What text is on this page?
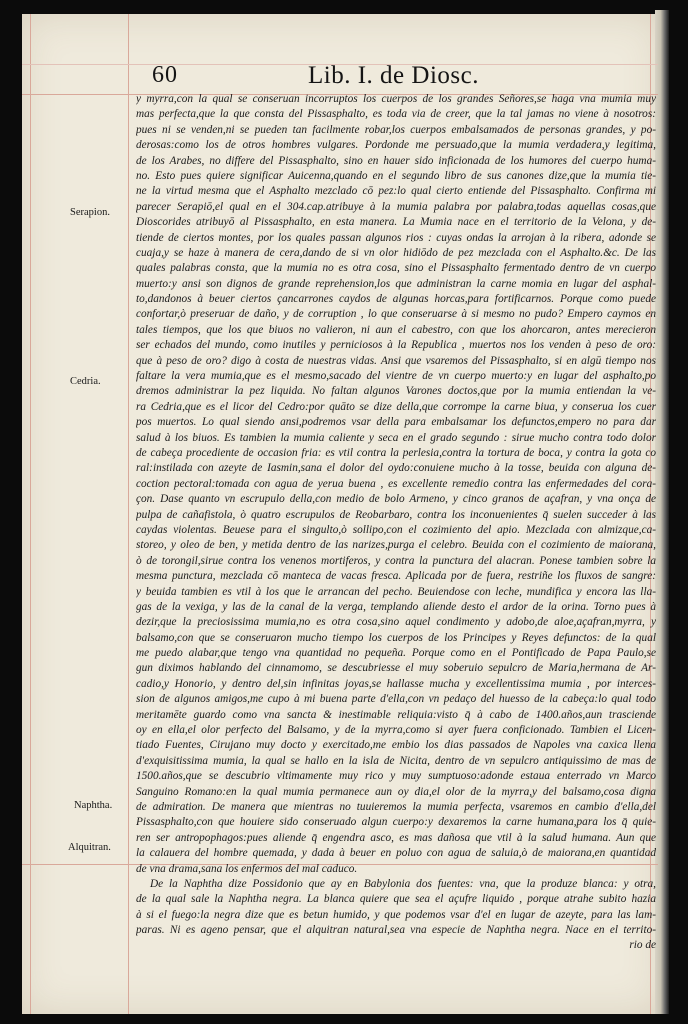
60	Lib. I. de Diosc.
Serapion.
Cedria.
Naphtha.
Alquitran.
y myrra,con la qual se conseruan incorruptos los cuerpos de los grandes Señores,se haga vna mumia muy
mas perfecta,que la que consta del Pissasphalto, es toda via de creer, que la tal jamas no viene à nosotros:
pues ni se venden,ni se pueden tan facilmente robar,los cuerpos embalsamados de personas grandes, y po-
derosas:como los de otros hombres vulgares. Pordonde me persuado,que la mumia verdadera,y legitima,
de los Arabes, no differe del Pissasphalto, sino en hauer sido inficionada de los humores del cuerpo huma-
no. Esto pues quiere significar Auicenna,quando en el segundo libro de sus canones dize,que la mumia tie-
ne la virtud mesma que el Asphalto mezclado cō pez:lo qual cierto entiende del Pissasphalto. Confirma mi
parecer Serapiō,el qual en el 304.cap.atribuye à la mumia palabra por palabra,todas aquellas cosas,que
Dioscorides atribuyō al Pissasphalto, en esta manera. La Mumia nace en el territorio de la Velona, y de-
tiende de ciertos montes, por los quales passan algunos rios : cuyas ondas la arrojan à la ribera, adonde se
cuaja,y se haze à manera de cera,dando de si vn olor hidiōdo de pez mezclada con el Asphalto.&c. De las
quales palabras consta, que la mumia no es otra cosa, sino el Pissasphalto fermentado dentro de vn cuerpo
muerto:y ansi son dignos de grande reprehension,los que administran la carne momia en lugar del asphal-
to,dandonos à beuer ciertos çancarrones caydos de algunas horcas,para fortificarnos. Porque como puede
confortar,ò preseruar de daño, y de corruption , lo que conseruarse à si mesmo no pudo? Empero caymos en
tales tiempos, que los que biuos no valieron, ni aun el cabestro, con que los ahorcaron, antes merecieron
ser echados del mundo, como inutiles y perniciosos à la Republica , muertos nos los venden à peso de oro:
que à peso de oro? digo à costa de nuestras vidas. Ansi que vsaremos del Pissasphalto, si en algū tiempo nos
faltare la vera mumia,que es el mesmo,sacado del vientre de vn cuerpo muerto:y en lugar del asphalto,po
dremos administrar la pez liquida. No faltan algunos Varones doctos,que por la mumia entiendan la ve-
ra Cedria,que es el licor del Cedro:por quāto se dize della,que corrompe la carne biua, y conserua los cuer
pos muertos. Lo qual siendo ansi,podremos vsar della para embalsamar los defunctos,empero no para dar
salud à los biuos. Es tambien la mumia caliente y seca en el grado segundo : sirue mucho contra todo dolor
de cabeça procediente de occasion fria: es vtil contra la perlesia,contra la tortura de boca, y contra la gota co
ral:instilada con azeyte de Iasmin,sana el dolor del oydo:conuiene mucho à la tosse, beuida con alguna de-
coction pectoral:tomada con agua de yerua buena , es excellente remedio contra las enfermedades del cora-
çon. Dase quanto vn escrupulo della,con medio de bolo Armeno, y cinco granos de açafran, y vna onça de
pulpa de cañafistola, ò quatro escrupulos de Reobarbaro, contra los inconuenientes q̄ suelen succeder à las
caydas violentas. Beuese para el singulto,ò sollipo,con el cozimiento del apio. Mezclada con almizque,ca-
storeo, y oleo de ben, y metida dentro de las narizes,purga el celebro. Beuida con el cozimiento de maiorana,
ò de torongil,sirue contra los venenos mortiferos, y contra la punctura del alacran. Ponese tambien sobre la
mesma punctura, mezclada cō manteca de vacas fresca. Aplicada por de fuera, restriñe los fluxos de sangre:
y beuida tambien es vtil à los que le arrancan del pecho. Beuiendose con leche, mundifica y encora las lla-
gas de la vexiga, y las de la canal de la verga, templando aliende desto el ardor de la orina. Torno pues à
dezir,que la preciosissima mumia,no es otra cosa,sino aquel condimento y adobo,de aloe,açafran,myrra, y
balsamo,con que se conseruaron mucho tiempo los cuerpos de los Principes y Reyes defunctos: de la qual
me puedo alabar,que tengo vna quantidad no pequeña. Porque como en el Pontificado de Papa Paulo,se
gun diximos hablando del cinnamomo, se descubriesse el muy soberuio sepulcro de Maria,hermana de Ar-
cadio,y Honorio, y dentro del,sin infinitas joyas,se hallasse mucha y excellentissima mumia , por interces-
sion de algunos amigos,me cupo à mi buena parte d'ella,con vn pedaço del huesso de la cabeça:lo qual todo
meritamēte guardo como vna sancta & inestimable reliquia:visto q̄ à cabo de 1400.años,aun trasciende
oy en ella,el olor perfecto del Balsamo, y de la myrra,como si ayer fuera conficionado. Tambien el Licen-
tiado Fuentes, Cirujano muy docto y exercitado,me embio los dias passados de Napoles vna caxica llena
d'exquisitissima mumia, la qual se hallo en la isla de Nicita, dentro de vn sepulcro antiquissimo de mas de
1500.años,que se descubrio vltimamente muy rico y muy sumptuoso:adonde estaua enterrado vn Marco
Sanguino Romano:en la qual mumia permanece aun oy dia,el olor de la myrra,y del balsamo,cosa digna
de admiration. De manera que mientras no tuuieremos la mumia perfecta, vsaremos en cambio d'ella,del
Pissasphalto,con que houiere sido conseruado algun cuerpo:y dexaremos la carne humana,para los q̄ quie-
ren ser antropophagos:pues aliende q̄ engendra asco, es mas dañosa que vtil à la salud humana. Aun que
la calauera del hombre quemada, y dada à beuer en poluo con agua de saluia,ò de maiorana,en quantidad
de vna drama,sana los enfermos del mal caduco.
De la Naphtha dize Possidonio que ay en Babylonia dos fuentes: vna, que la produze blanca: y otra,
de la qual sale la Naphtha negra. La blanca quiere que sea el açufre liquido , porque atrahe subito hazia
à si el fuego:la negra dize que es betun humido, y que podemos vsar d'el en lugar de azeyte, para las lam-
paras. Ni es ageno pensar, que el alquitran natural,sea vna especie de Naphtha negra. Nace en el territo-
rio de
